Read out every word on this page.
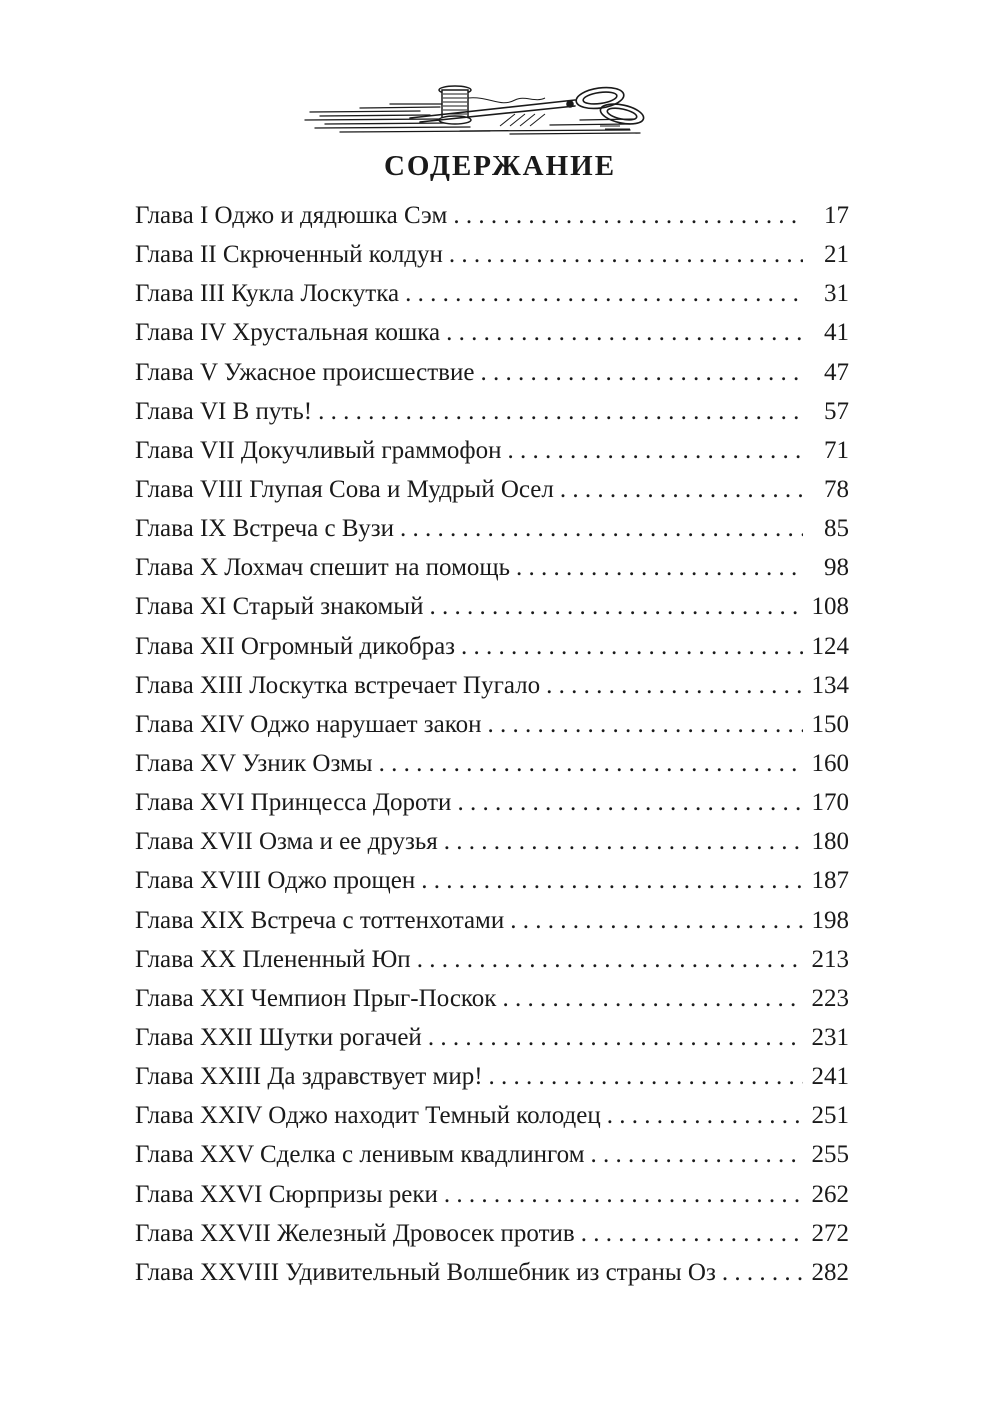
СОДЕРЖАНИЕ
Глава I Оджо и дядюшка Сэм . . .	17
Глава II Скрюченный колдун . . .	21
Глава III Кукла Лоскутка . . .	31
Глава IV Хрустальная кошка . . .	41
Глава V Ужасное происшествие . . .	47
Глава VI В путь! . . .	57
Глава VII Докучливый граммофон . . .	71
Глава VIII Глупая Сова и Мудрый Осел . . .	78
Глава IX Встреча с Вузи . . .	85
Глава X Лохмач спешит на помощь . . .	98
Глава XI Старый знакомый . . .	108
Глава XII Огромный дикобраз . . .	124
Глава XIII Лоскутка встречает Пугало . . .	134
Глава XIV Оджо нарушает закон . . .	150
Глава XV Узник Озмы . . .	160
Глава XVI Принцесса Дороти . . .	170
Глава XVII Озма и ее друзья . . .	180
Глава XVIII Оджо прощен . . .	187
Глава XIX Встреча с тоттенхотами . . .	198
Глава XX Плененный Юп . . .	213
Глава XXI Чемпион Прыг-Поскок . . .	223
Глава XXII Шутки рогачей . . .	231
Глава XXIII Да здравствует мир! . . .	241
Глава XXIV Оджо находит Темный колодец . . .	251
Глава XXV Сделка с ленивым квадлингом . . .	255
Глава XXVI Сюрпризы реки . . .	262
Глава XXVII Железный Дровосек против . . .	272
Глава XXVIII Удивительный Волшебник из страны Оз . . .	282
